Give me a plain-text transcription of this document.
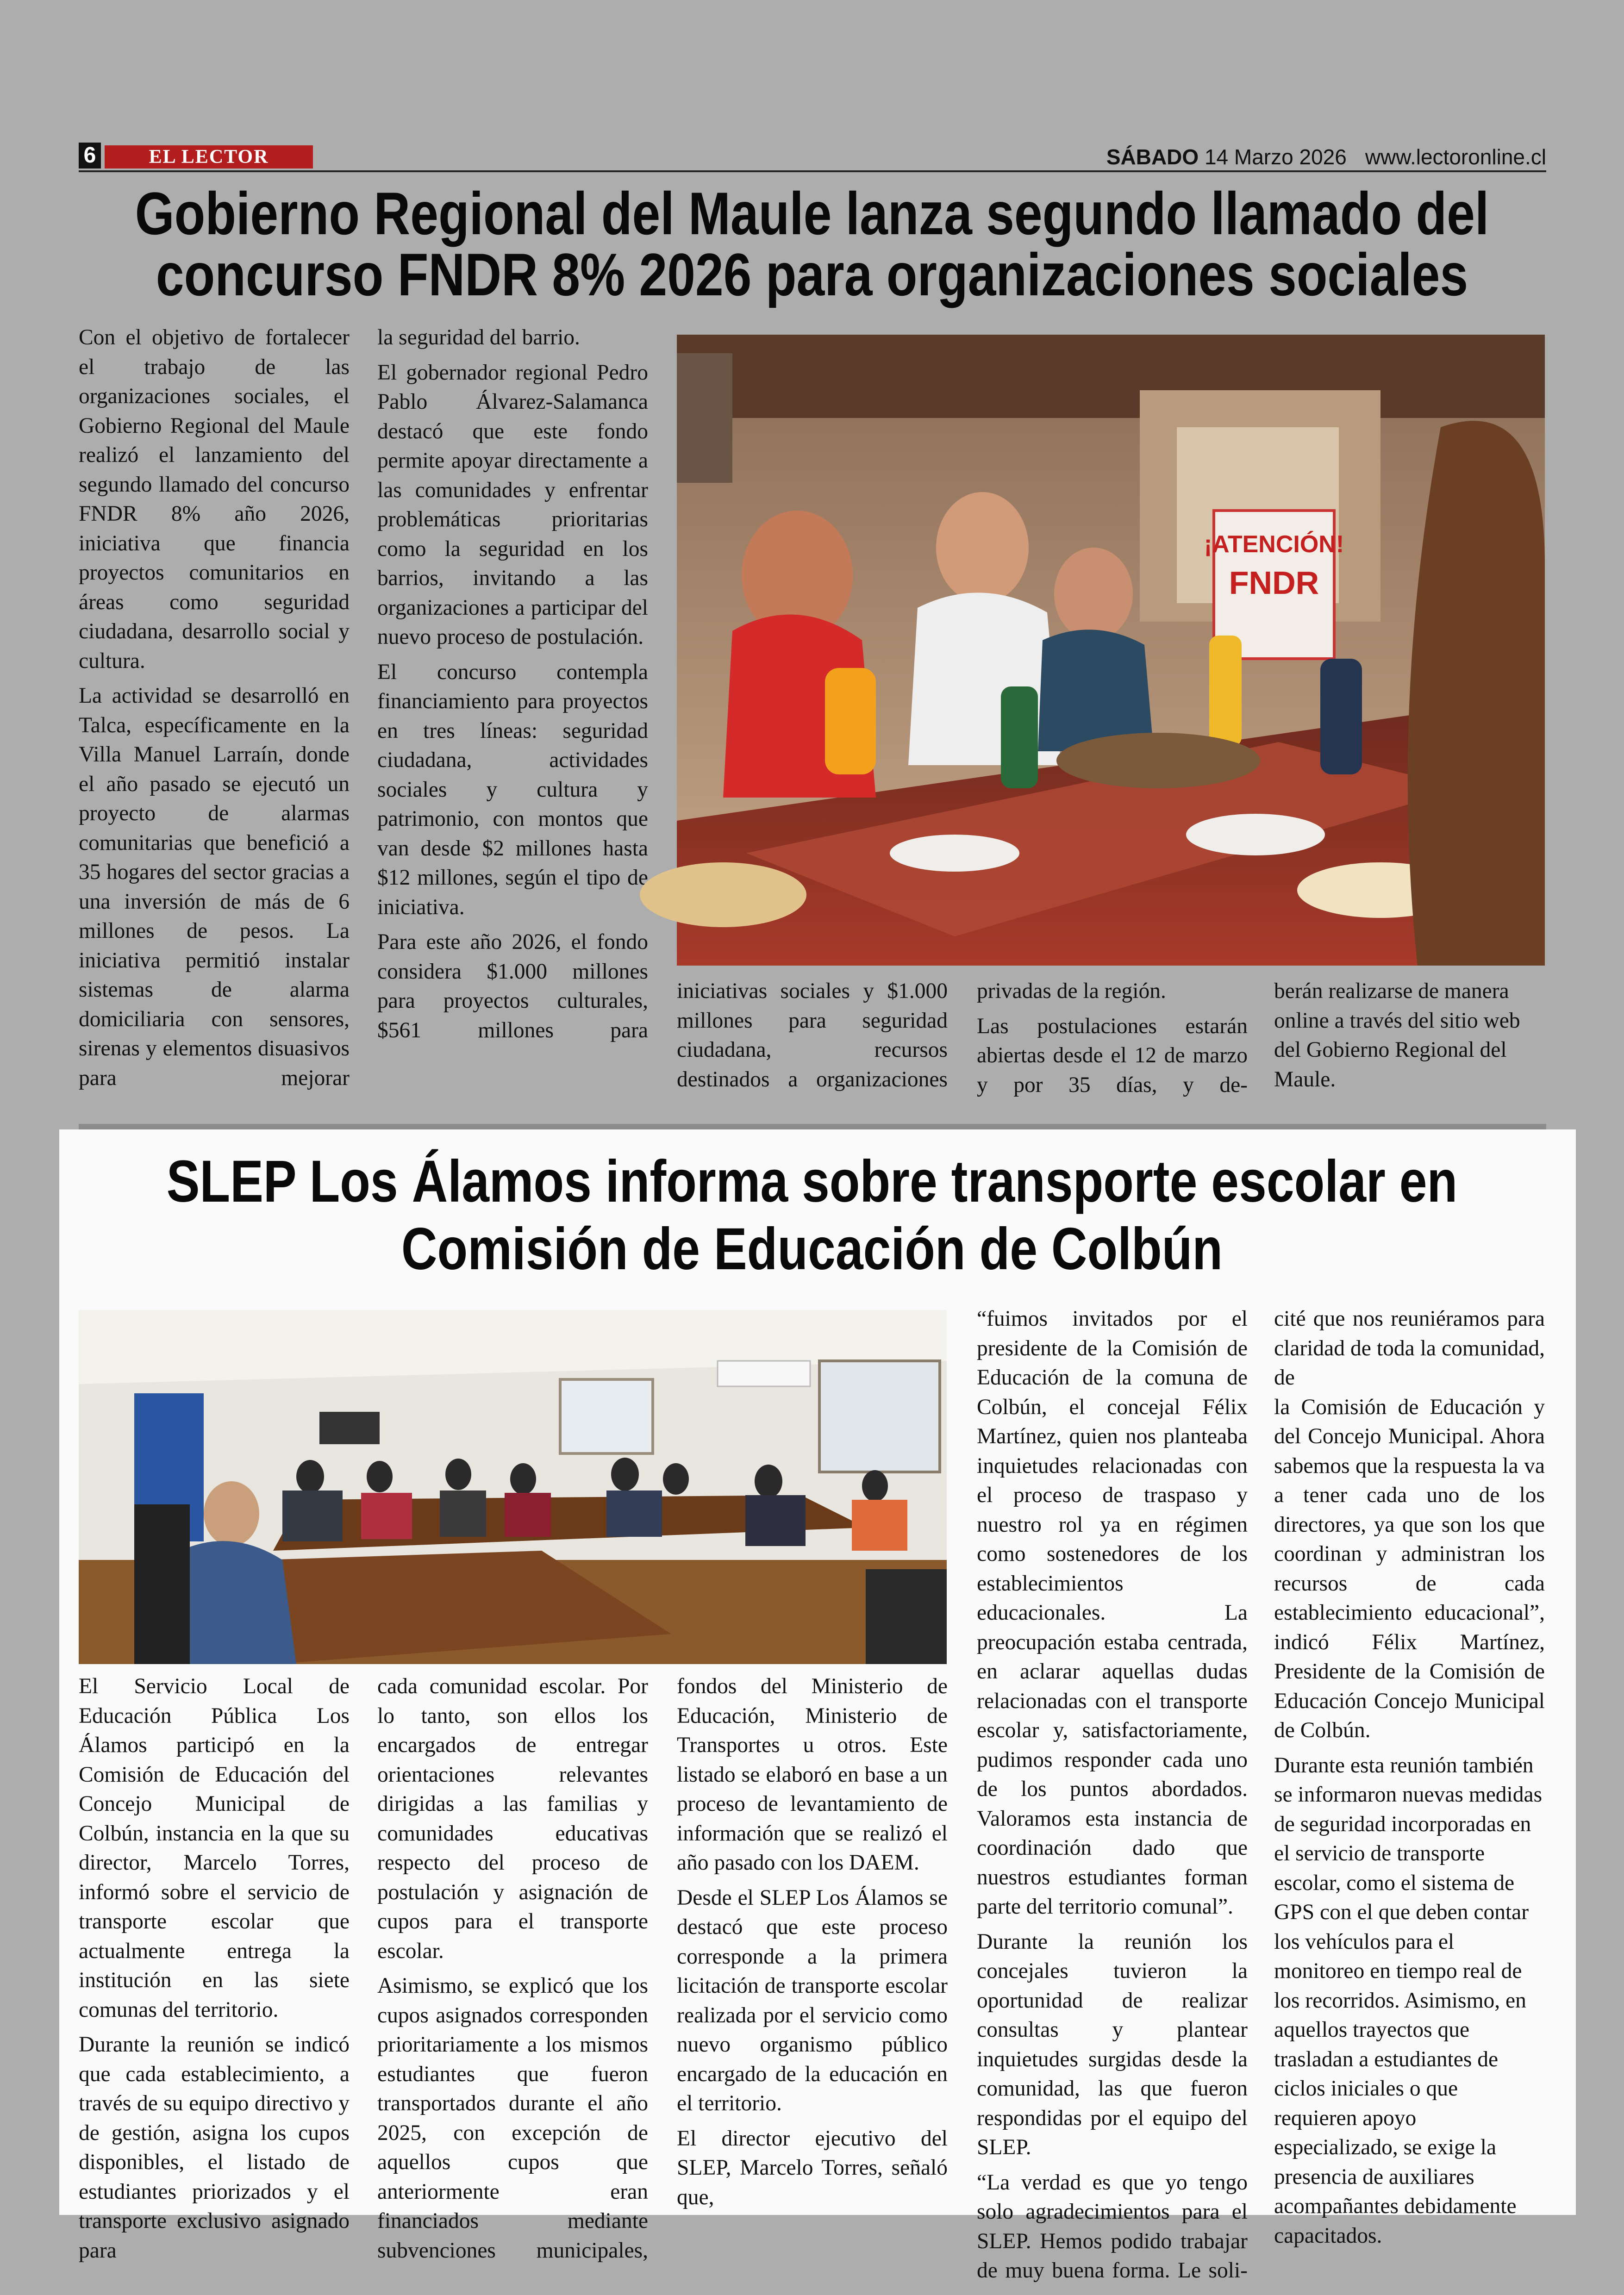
6	EL LECTOR	SÁBADO 14 Marzo 2026 www.lectoronline.cl
Gobierno Regional del Maule lanza segundo llamado del
concurso FNDR 8% 2026 para organizaciones sociales

Con el objetivo de fortalecer el trabajo de las organizaciones sociales, el Gobierno Regional del Maule realizó el lanzamiento del segundo llamado del concurso FNDR 8% año 2026, iniciativa que financia proyectos comunitarios en áreas como seguridad ciudadana, desarrollo social y cultura.

La actividad se desarrolló en Talca, específicamente en la Villa Manuel Larraín, donde el año pasado se ejecutó un proyecto de alarmas comunitarias que benefició a 35 hogares del sector gracias a una inversión de más de 6 millones de pesos. La iniciativa permitió instalar sistemas de alarma domiciliaria con sensores, sirenas y elementos disuasivos para mejorar

la seguridad del barrio.

El gobernador regional Pedro Pablo Álvarez-Salamanca destacó que este fondo permite apoyar directamente a las comunidades y enfrentar problemáticas prioritarias como la seguridad en los barrios, invitando a las organizaciones a participar del nuevo proceso de postulación.

El concurso contempla financiamiento para proyectos en tres líneas: seguridad ciudadana, actividades sociales y cultura y patrimonio, con montos que van desde $2 millones hasta $12 millones, según el tipo de iniciativa.

Para este año 2026, el fondo considera $1.000 millones para proyectos culturales, $561 millones para

¡ATENCIÓN!
FNDR

iniciativas sociales y $1.000 millones para seguridad ciudadana, recursos destinados a organizaciones

privadas de la región.

Las postulaciones estarán abiertas desde el 12 de marzo y por 35 días, y de-

berán realizarse de manera online a través del sitio web del Gobierno Regional del Maule.

SLEP Los Álamos informa sobre transporte escolar en
Comisión de Educación de Colbún

El Servicio Local de Educación Pública Los Álamos participó en la Comisión de Educación del Concejo Municipal de Colbún, instancia en la que su director, Marcelo Torres, informó sobre el servicio de transporte escolar que actualmente entrega la institución en las siete comunas del territorio.

Durante la reunión se indicó que cada establecimiento, a través de su equipo directivo y de gestión, asigna los cupos disponibles, el listado de estudiantes priorizados y el transporte exclusivo asignado para

cada comunidad escolar. Por lo tanto, son ellos los encargados de entregar orientaciones relevantes dirigidas a las familias y comunidades educativas respecto del proceso de postulación y asignación de cupos para el transporte escolar.

Asimismo, se explicó que los cupos asignados corresponden prioritariamente a los mismos estudiantes que fueron transportados durante el año 2025, con excepción de aquellos cupos que anteriormente eran financiados mediante subvenciones municipales,

fondos del Ministerio de Educación, Ministerio de Transportes u otros. Este listado se elaboró en base a un proceso de levantamiento de información que se realizó el año pasado con los DAEM.

Desde el SLEP Los Álamos se destacó que este proceso corresponde a la primera licitación de transporte escolar realizada por el servicio como nuevo organismo público encargado de la educación en el territorio.

El director ejecutivo del SLEP, Marcelo Torres, señaló que,

“fuimos invitados por el presidente de la Comisión de Educación de la comuna de Colbún, el concejal Félix Martínez, quien nos planteaba inquietudes relacionadas con el proceso de traspaso y nuestro rol ya en régimen como sostenedores de los establecimientos educacionales. La preocupación estaba centrada, en aclarar aquellas dudas relacionadas con el transporte escolar y, satisfactoriamente, pudimos responder cada uno de los puntos abordados. Valoramos esta instancia de coordinación dado que nuestros estudiantes forman parte del territorio comunal”.

Durante la reunión los concejales tuvieron la oportunidad de realizar consultas y plantear inquietudes surgidas desde la comunidad, las que fueron respondidas por el equipo del SLEP.

“La verdad es que yo tengo solo agradecimientos para el SLEP. Hemos podido trabajar de muy buena forma. Le soli-

cité que nos reuniéramos para claridad de toda la comunidad, de

la Comisión de Educación y del Concejo Municipal. Ahora sabemos que la respuesta la va a tener cada uno de los directores, ya que son los que coordinan y administran los recursos de cada establecimiento educacional”, indicó Félix Martínez, Presidente de la Comisión de Educación Concejo Municipal de Colbún.

Durante esta reunión también se informaron nuevas medidas de seguridad incorporadas en el servicio de transporte escolar, como el sistema de GPS con el que deben contar los vehículos para el monitoreo en tiempo real de los recorridos. Asimismo, en aquellos trayectos que trasladan a estudiantes de ciclos iniciales o que requieren apoyo especializado, se exige la presencia de auxiliares acompañantes debidamente capacitados.
